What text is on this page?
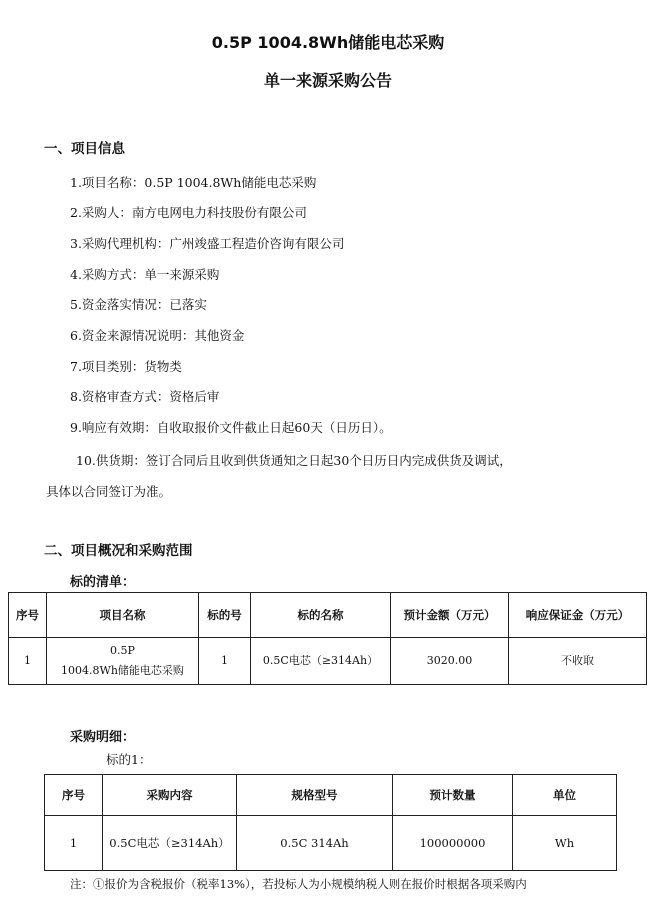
0.5P 1004.8Wh储能电芯采购
单一来源采购公告
一、项目信息
1.项目名称：0.5P 1004.8Wh储能电芯采购
2.采购人：南方电网电力科技股份有限公司
3.采购代理机构：广州竣盛工程造价咨询有限公司
4.采购方式：单一来源采购
5.资金落实情况：已落实
6.资金来源情况说明：其他资金
7.项目类别：货物类
8.资格审查方式：资格后审
9.响应有效期：自收取报价文件截止日起60天（日历日）。
10.供货期：签订合同后且收到供货通知之日起30个日历日内完成供货及调试，
具体以合同签订为准。
二、项目概况和采购范围
标的清单：
序号	项目名称	标的号	标的名称	预计金额（万元）	响应保证金（万元）
1	0.5P
1004.8Wh储能电芯采购	1	0.5C电芯（≥314Ah）	3020.00	不收取
采购明细：
标的1：
序号	采购内容	规格型号	预计数量	单位
1	0.5C电芯（≥314Ah）	0.5C 314Ah	100000000	Wh
注：①报价为含税报价（税率13%），若投标人为小规模纳税人则在报价时根据各项采购内
